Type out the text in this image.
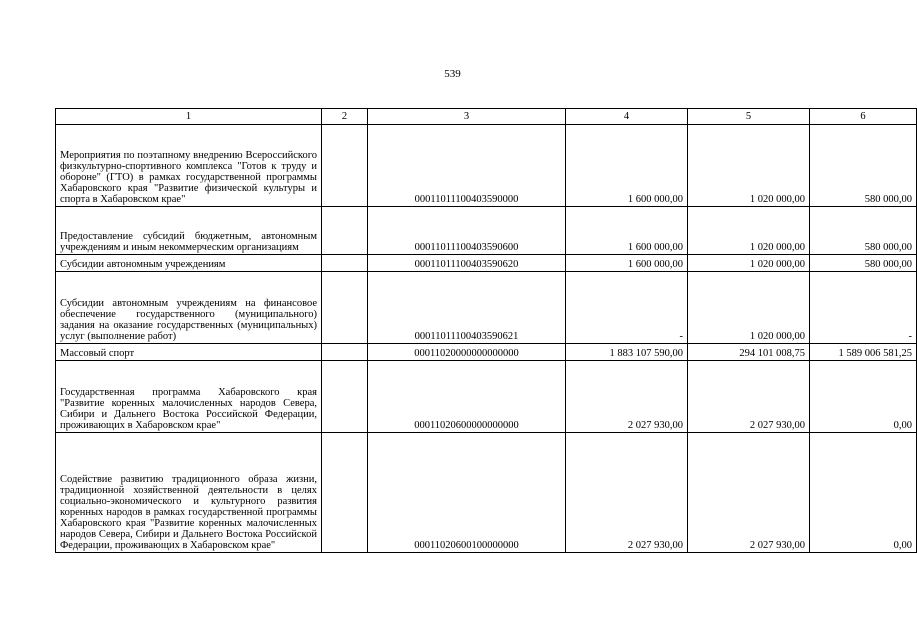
539
1	2	3	4	5	6
Мероприятия по поэтапному внедрению Всероссийского физкультурно-спортивного комплекса "Готов к труду и обороне" (ГТО) в рамках государственной программы Хабаровского края "Развитие физической культуры и спорта в Хабаровском крае"		00011011100403590000	1 600 000,00	1 020 000,00	580 000,00
Предоставление субсидий бюджетным, автономным учреждениям и иным некоммерческим организациям		00011011100403590600	1 600 000,00	1 020 000,00	580 000,00
Субсидии автономным учреждениям		00011011100403590620	1 600 000,00	1 020 000,00	580 000,00
Субсидии автономным учреждениям на финансовое обеспечение государственного (муниципального) задания на оказание государственных (муниципальных) услуг (выполнение работ)		00011011100403590621	-	1 020 000,00	-
Массовый спорт		00011020000000000000	1 883 107 590,00	294 101 008,75	1 589 006 581,25
Государственная программа Хабаровского края "Развитие коренных малочисленных народов Севера, Сибири и Дальнего Востока Российской Федерации, проживающих в Хабаровском крае"		00011020600000000000	2 027 930,00	2 027 930,00	0,00
Содействие развитию традиционного образа жизни, традиционной хозяйственной деятельности в целях социально-экономического и культурного развития коренных народов в рамках государственной программы Хабаровского края "Развитие коренных малочисленных народов Севера, Сибири и Дальнего Востока Российской Федерации, проживающих в Хабаровском крае"		00011020600100000000	2 027 930,00	2 027 930,00	0,00
